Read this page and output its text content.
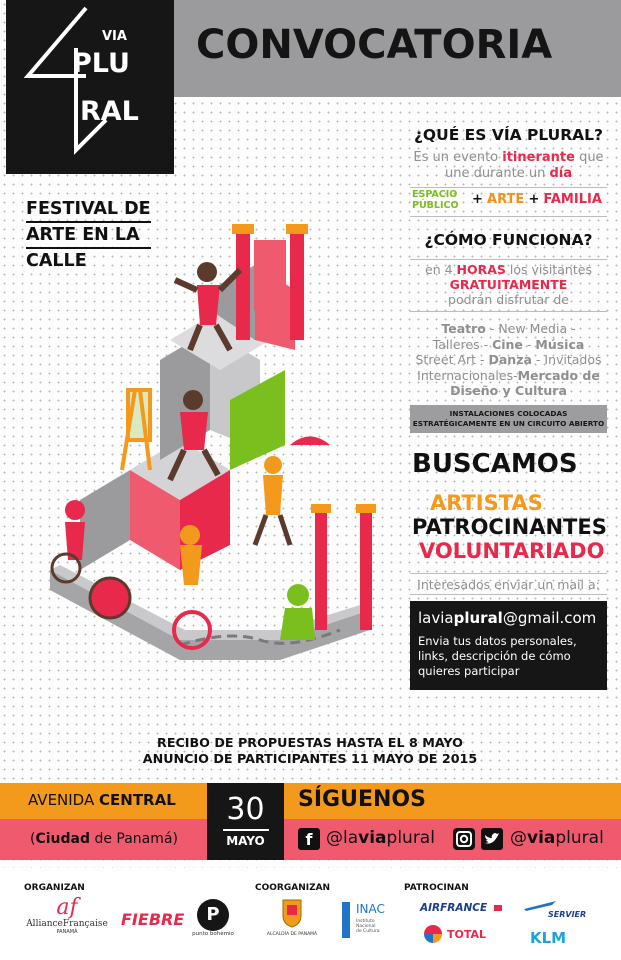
VIA
PLU
RAL
CONVOCATORIA
FESTIVAL DE
ARTE EN LA
CALLE
¿QUÉ ES VÍA PLURAL?
Es un evento itinerante que
une durante un día
ESPACIO
PÚBLICO + ARTE + FAMILIA
¿CÓMO FUNCIONA?
en 4 HORAS los visitantes
GRATUITAMENTE
podrán disfrutar de
Teatro - New Media -
Talleres - Cine - Música
Street Art - Danza - Invitados
Internacionales-Mercado de
Diseño y Cultura
INSTALACIONES COLOCADAS
ESTRATÉGICAMENTE EN UN CIRCUITO ABIERTO
BUSCAMOS
ARTISTAS
PATROCINANTES
VOLUNTARIADO
Interesados enviar un mail a:
laviaplural@gmail.com
Envia tus datos personales,
links, descripción de cómo
quieres participar
RECIBO DE PROPUESTAS HASTA EL 8 MAYO
ANUNCIO DE PARTICIPANTES 11 MAYO DE 2015
AVENIDA CENTRAL
(Ciudad de Panamá)
30
MAYO
SÍGUENOS
f @laviaplural	@viaplural
ORGANIZAN	COORGANIZAN	PATROCINAN
af
AllianceFrançaise
PANAMÁ
FIEBRE	P
punto bohemio	ALCALDÍA DE PANAMÁ
INAC
Instituto
Nacional
de Cultura
AIRFRANCE
TOTAL
SERVIER
KLM
